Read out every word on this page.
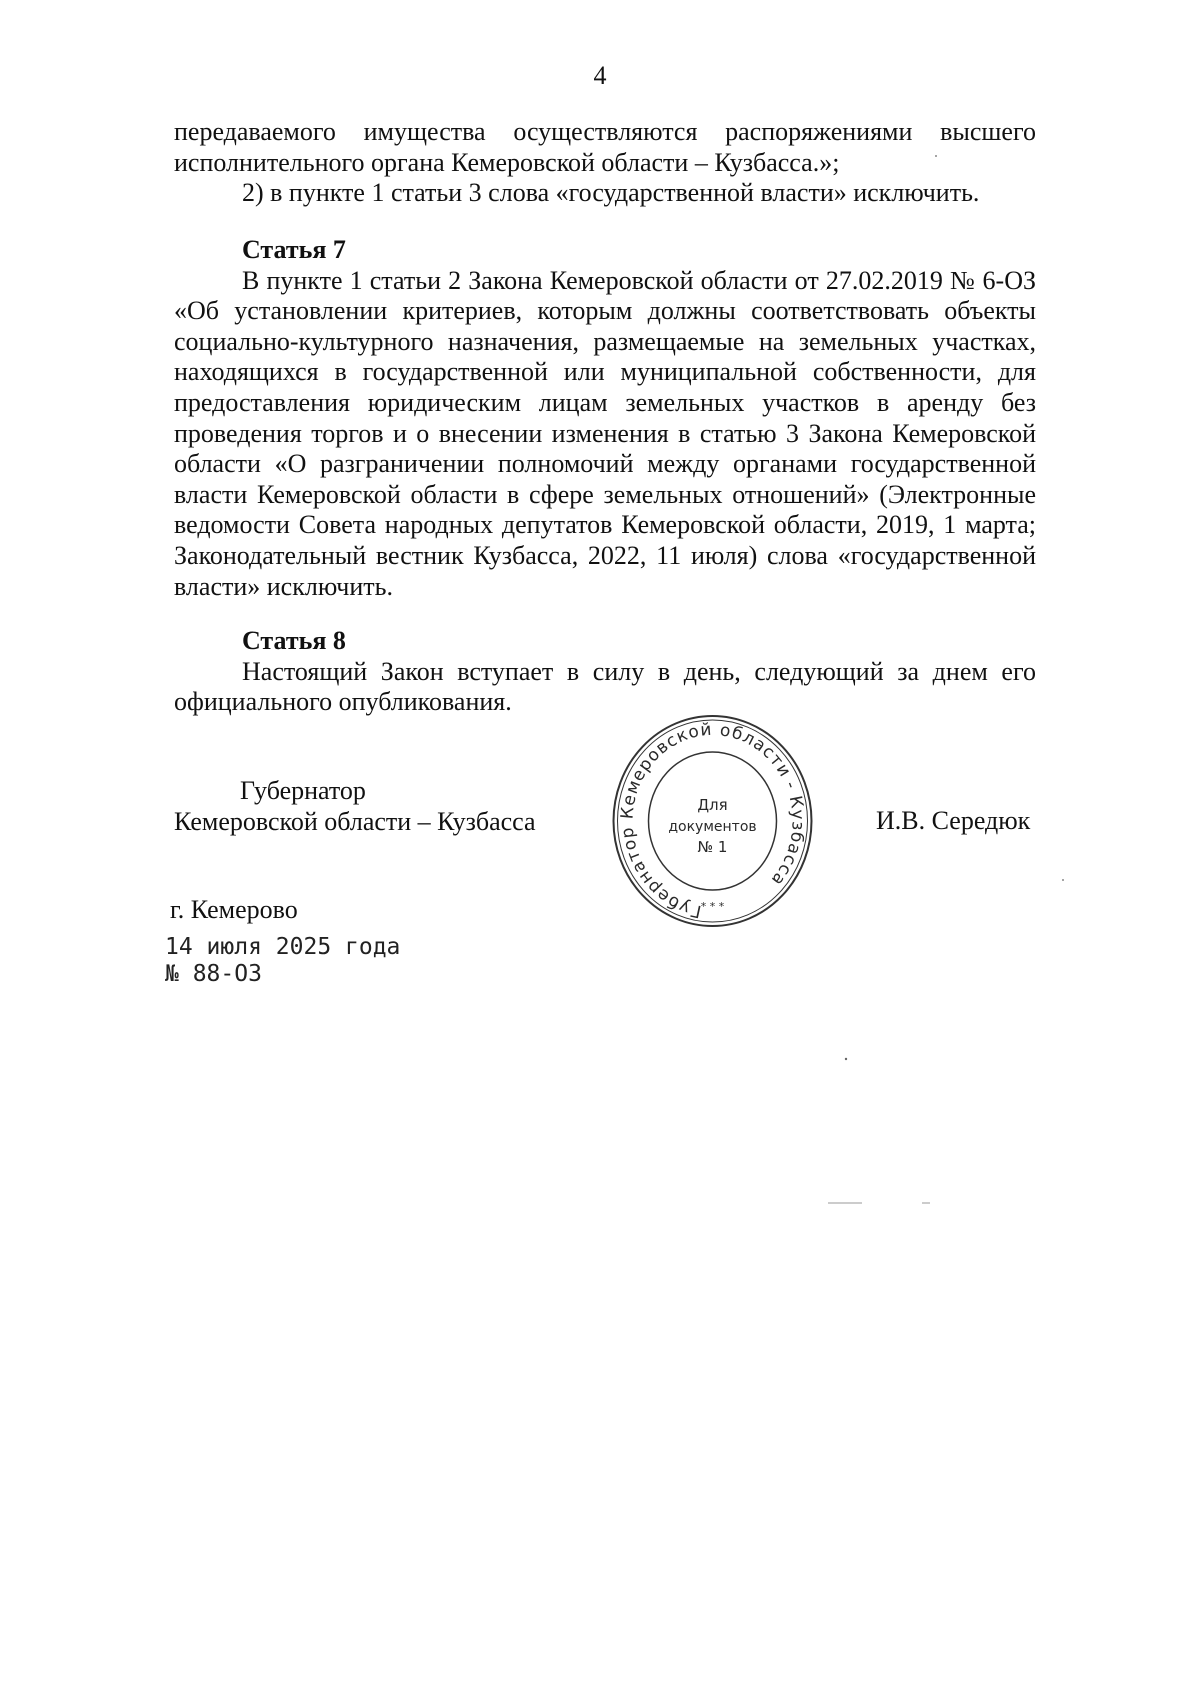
4

передаваемого имущества осуществляются распоряжениями высшего исполнительного органа Кемеровской области – Кузбасса.»;

2) в пункте 1 статьи 3 слова «государственной власти» исключить.

Статья 7

В пункте 1 статьи 2 Закона Кемеровской области от 27.02.2019 № 6-ОЗ «Об установлении критериев, которым должны соответствовать объекты социально-культурного назначения, размещаемые на земельных участках, находящихся в государственной или муниципальной собственности, для предоставления юридическим лицам земельных участков в аренду без проведения торгов и о внесении изменения в статью 3 Закона Кемеровской области «О разграничении полномочий между органами государственной власти Кемеровской области в сфере земельных отношений» (Электронные ведомости Совета народных депутатов Кемеровской области, 2019, 1 марта; Законодательный вестник Кузбасса, 2022, 11 июля) слова «государственной власти» исключить.

Статья 8

Настоящий Закон вступает в силу в день, следующий за днем его официального опубликования.

Губернатор
Кемеровской области – Кузбасса	И.В. Середюк
Губернатор Кемеровской области - Кузбасса
Для
документов
№ 1
* * *
г. Кемерово
14 июля 2025 года
№ 88-ОЗ
